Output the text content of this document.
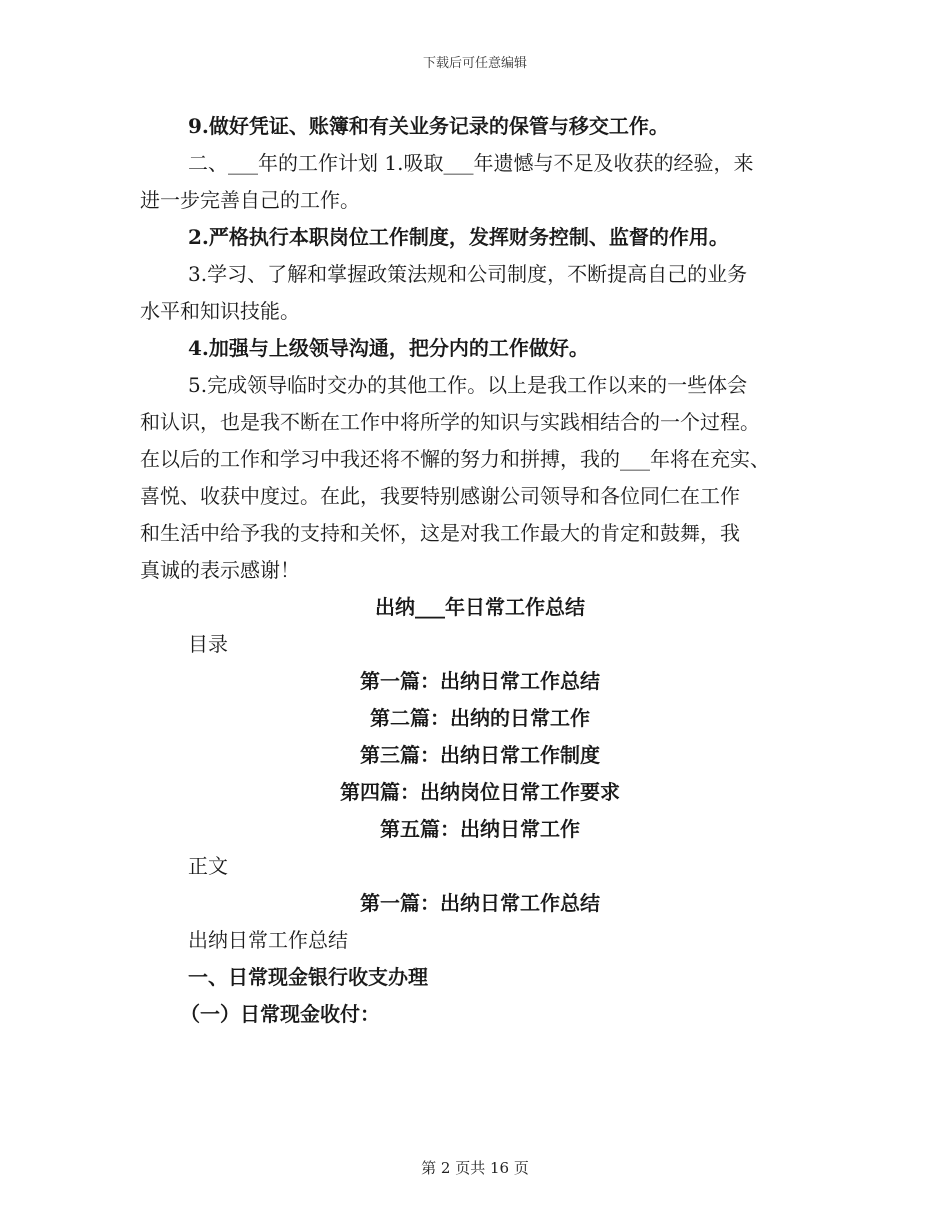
下载后可任意编辑
9.做好凭证、账簿和有关业务记录的保管与移交工作。
二、___年的工作计划 1.吸取___年遗憾与不足及收获的经验，来
进一步完善自己的工作。
2.严格执行本职岗位工作制度，发挥财务控制、监督的作用。
3.学习、了解和掌握政策法规和公司制度，不断提高自己的业务
水平和知识技能。
4.加强与上级领导沟通，把分内的工作做好。
5.完成领导临时交办的其他工作。以上是我工作以来的一些体会
和认识，也是我不断在工作中将所学的知识与实践相结合的一个过程。
在以后的工作和学习中我还将不懈的努力和拼搏，我的___年将在充实、
喜悦、收获中度过。在此，我要特别感谢公司领导和各位同仁在工作
和生活中给予我的支持和关怀，这是对我工作最大的肯定和鼓舞，我
真诚的表示感谢！
出纳___年日常工作总结
目录
第一篇：出纳日常工作总结
第二篇：出纳的日常工作
第三篇：出纳日常工作制度
第四篇：出纳岗位日常工作要求
第五篇：出纳日常工作
正文
第一篇：出纳日常工作总结
出纳日常工作总结
一、日常现金银行收支办理
（一）日常现金收付：
第 2 页共 16 页
